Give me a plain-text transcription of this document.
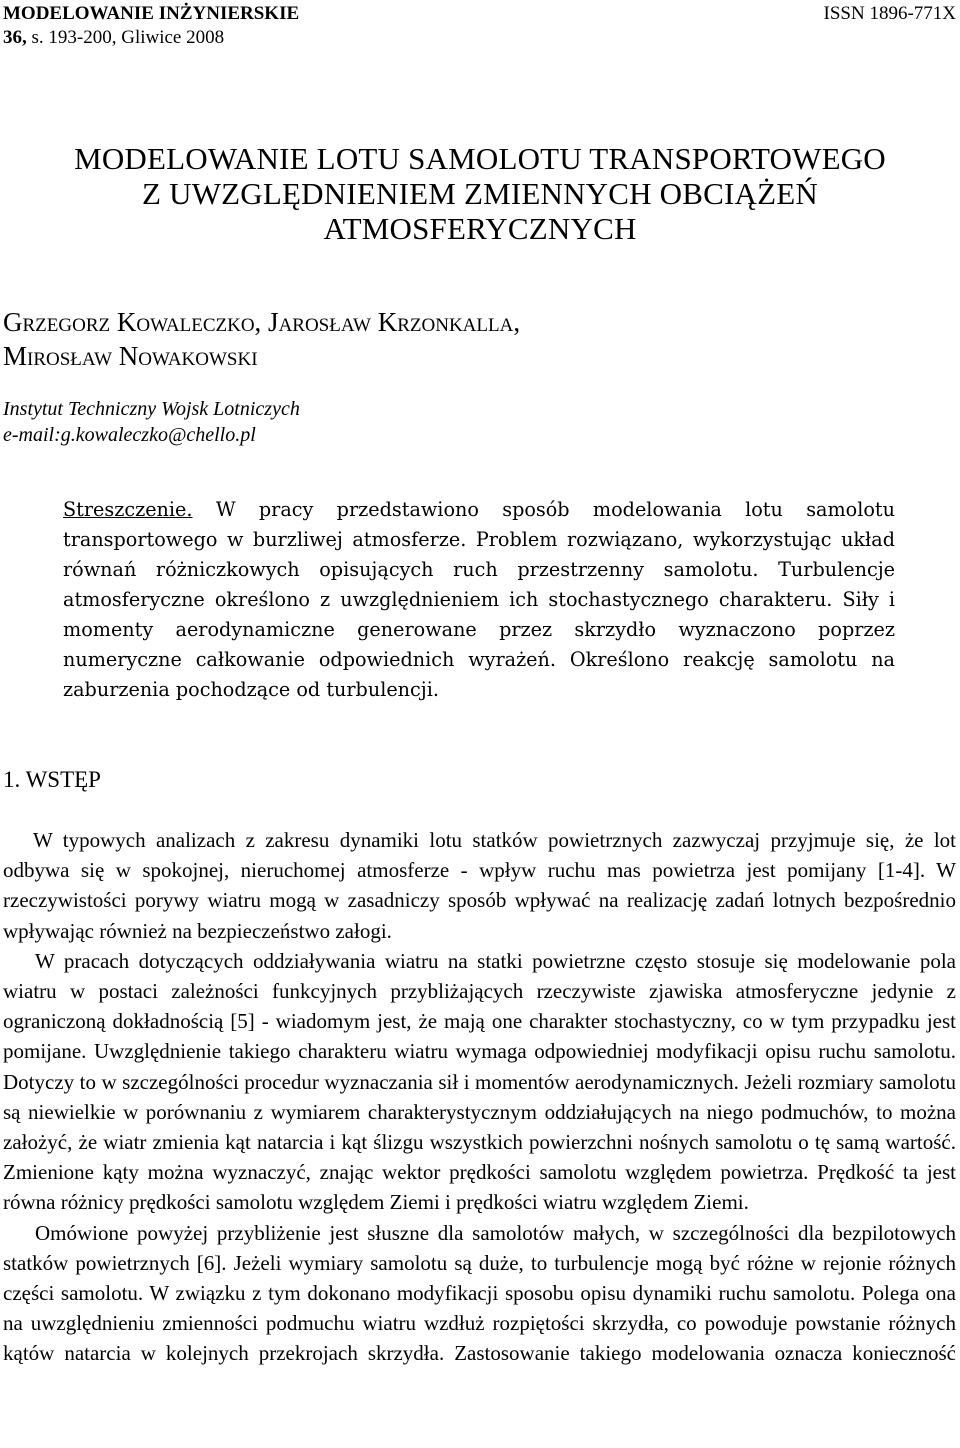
MODELOWANIE INŻYNIERSKIE	ISSN 1896-771X
36, s. 193-200, Gliwice 2008
MODELOWANIE LOTU SAMOLOTU TRANSPORTOWEGO
Z UWZGLĘDNIENIEM ZMIENNYCH OBCIĄŻEŃ
ATMOSFERYCZNYCH
Grzegorz Kowaleczko, Jarosław Krzonkalla,
Mirosław Nowakowski
Instytut Techniczny Wojsk Lotniczych
e-mail:g.kowaleczko@chello.pl
Streszczenie. W pracy przedstawiono sposób modelowania lotu samolotu transportowego w burzliwej atmosferze. Problem rozwiązano, wykorzystując układ równań różniczkowych opisujących ruch przestrzenny samolotu. Turbulencje atmosferyczne określono z uwzględnieniem ich stochastycznego charakteru. Siły i momenty aerodynamiczne generowane przez skrzydło wyznaczono poprzez numeryczne całkowanie odpowiednich wyrażeń. Określono reakcję samolotu na zaburzenia pochodzące od turbulencji.
1. WSTĘP

W typowych analizach z zakresu dynamiki lotu statków powietrznych zazwyczaj przyjmuje się, że lot odbywa się w spokojnej, nieruchomej atmosferze - wpływ ruchu mas powietrza jest pomijany [1-4]. W rzeczywistości porywy wiatru mogą w zasadniczy sposób wpływać na realizację zadań lotnych bezpośrednio wpływając również na bezpieczeństwo załogi.

W pracach dotyczących oddziaływania wiatru na statki powietrzne często stosuje się modelowanie pola wiatru w postaci zależności funkcyjnych przybliżających rzeczywiste zjawiska atmosferyczne jedynie z ograniczoną dokładnością [5] - wiadomym jest, że mają one charakter stochastyczny, co w tym przypadku jest pomijane. Uwzględnienie takiego charakteru wiatru wymaga odpowiedniej modyfikacji opisu ruchu samolotu. Dotyczy to w szczególności procedur wyznaczania sił i momentów aerodynamicznych. Jeżeli rozmiary samolotu są niewielkie w porównaniu z wymiarem charakterystycznym oddziałujących na niego podmuchów, to można założyć, że wiatr zmienia kąt natarcia i kąt ślizgu wszystkich powierzchni nośnych samolotu o tę samą wartość. Zmienione kąty można wyznaczyć, znając wektor prędkości samolotu względem powietrza. Prędkość ta jest równa różnicy prędkości samolotu względem Ziemi i prędkości wiatru względem Ziemi.

Omówione powyżej przybliżenie jest słuszne dla samolotów małych, w szczególności dla bezpilotowych statków powietrznych [6]. Jeżeli wymiary samolotu są duże, to turbulencje mogą być różne w rejonie różnych części samolotu. W związku z tym dokonano modyfikacji sposobu opisu dynamiki ruchu samolotu. Polega ona na uwzględnieniu zmienności podmuchu wiatru wzdłuż rozpiętości skrzydła, co powoduje powstanie różnych kątów natarcia w kolejnych przekrojach skrzydła. Zastosowanie takiego modelowania oznacza konieczność
